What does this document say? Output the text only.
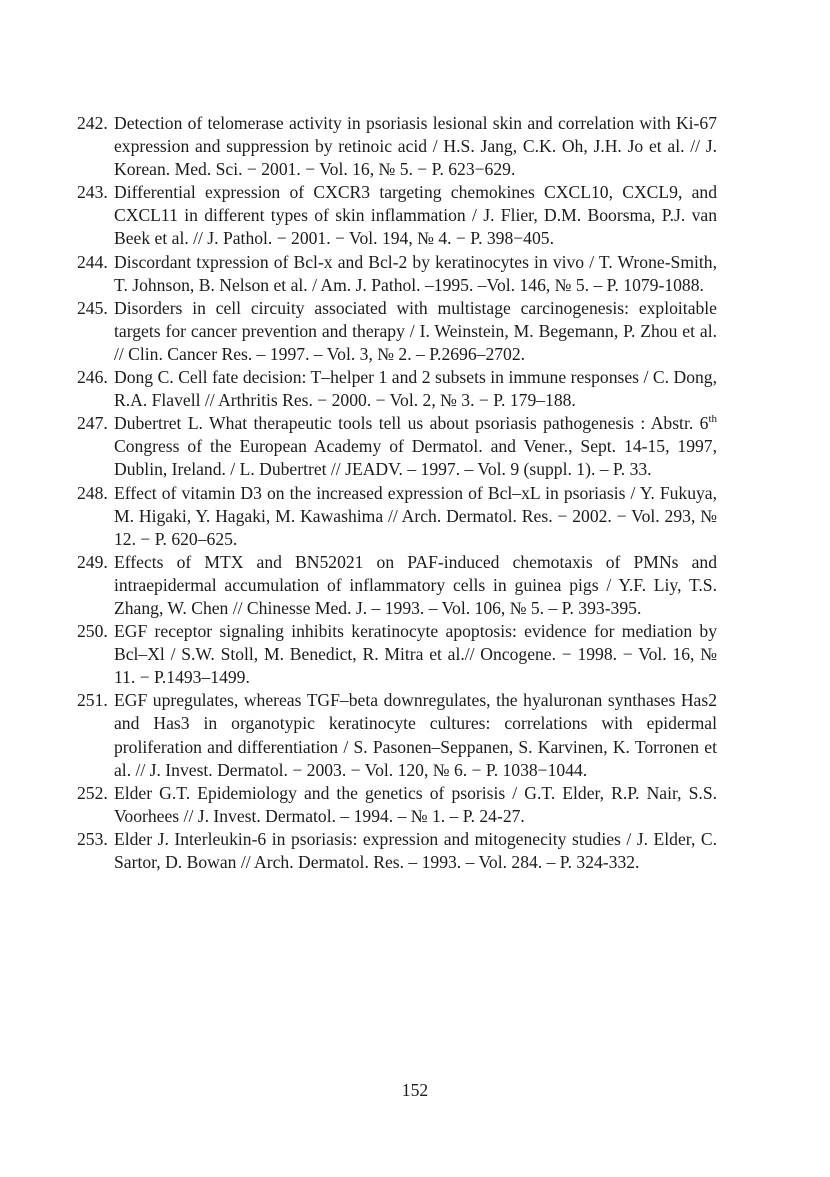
242. Detection of telomerase activity in psoriasis lesional skin and correlation with Ki-67 expression and suppression by retinoic acid / H.S. Jang, C.K. Oh, J.H. Jo et al. // J. Korean. Med. Sci. − 2001. − Vol. 16, № 5. − P. 623−629.
243. Differential expression of CXCR3 targeting chemokines CXCL10, CXCL9, and CXCL11 in different types of skin inflammation / J. Flier, D.M. Boorsma, P.J. van Beek et al. // J. Pathol. − 2001. − Vol. 194, № 4. − P. 398−405.
244. Discordant txpression of Bcl-x and Bcl-2 by keratinocytes in vivo / T. Wrone-Smith, T. Johnson, B. Nelson et al. / Am. J. Pathol. –1995. –Vol. 146, № 5. – P. 1079-1088.
245. Disorders in cell circuity associated with multistage carcinogenesis: exploitable targets for cancer prevention and therapy / I. Weinstein, M. Begemann, P. Zhou et al. // Clin. Cancer Res. – 1997. – Vol. 3, № 2. – P.2696–2702.
246. Dong C. Cell fate decision: T–helper 1 and 2 subsets in immune responses / C. Dong, R.A. Flavell // Arthritis Res. − 2000. − Vol. 2, № 3. − P. 179–188.
247. Dubertret L. What therapeutic tools tell us about psoriasis pathogenesis : Abstr. 6th Congress of the European Academy of Dermatol. and Vener., Sept. 14-15, 1997, Dublin, Ireland. / L. Dubertret // JEADV. – 1997. – Vol. 9 (suppl. 1). – P. 33.
248. Effect of vitamin D3 on the increased expression of Bcl–xL in psoriasis / Y. Fukuya, M. Higaki, Y. Hagaki, M. Kawashima // Arch. Dermatol. Res. − 2002. − Vol. 293, № 12. − P. 620–625.
249. Effects of MTX and BN52021 on PAF-induced chemotaxis of PMNs and intraepidermal accumulation of inflammatory cells in guinea pigs / Y.F. Liy, T.S. Zhang, W. Chen // Chinesse Med. J. – 1993. – Vol. 106, № 5. – P. 393-395.
250. EGF receptor signaling inhibits keratinocyte apoptosis: evidence for mediation by Bcl–Xl / S.W. Stoll, M. Benedict, R. Mitra et al.// Oncogene. − 1998. − Vol. 16, № 11. − P.1493–1499.
251. EGF upregulates, whereas TGF–beta downregulates, the hyaluronan synthases Has2 and Has3 in organotypic keratinocyte cultures: correlations with epidermal proliferation and differentiation / S. Pasonen–Seppanen, S. Karvinen, K. Torronen et al. // J. Invest. Dermatol. − 2003. − Vol. 120, № 6. − P. 1038−1044.
252. Elder G.T. Epidemiology and the genetics of psorisis / G.T. Elder, R.P. Nair, S.S. Voorhees // J. Invest. Dermatol. – 1994. – № 1. – P. 24-27.
253. Elder J. Interleukin-6 in psoriasis: expression and mitogenecity studies / J. Elder, C. Sartor, D. Bowan // Arch. Dermatol. Res. – 1993. – Vol. 284. – P. 324-332.
152
